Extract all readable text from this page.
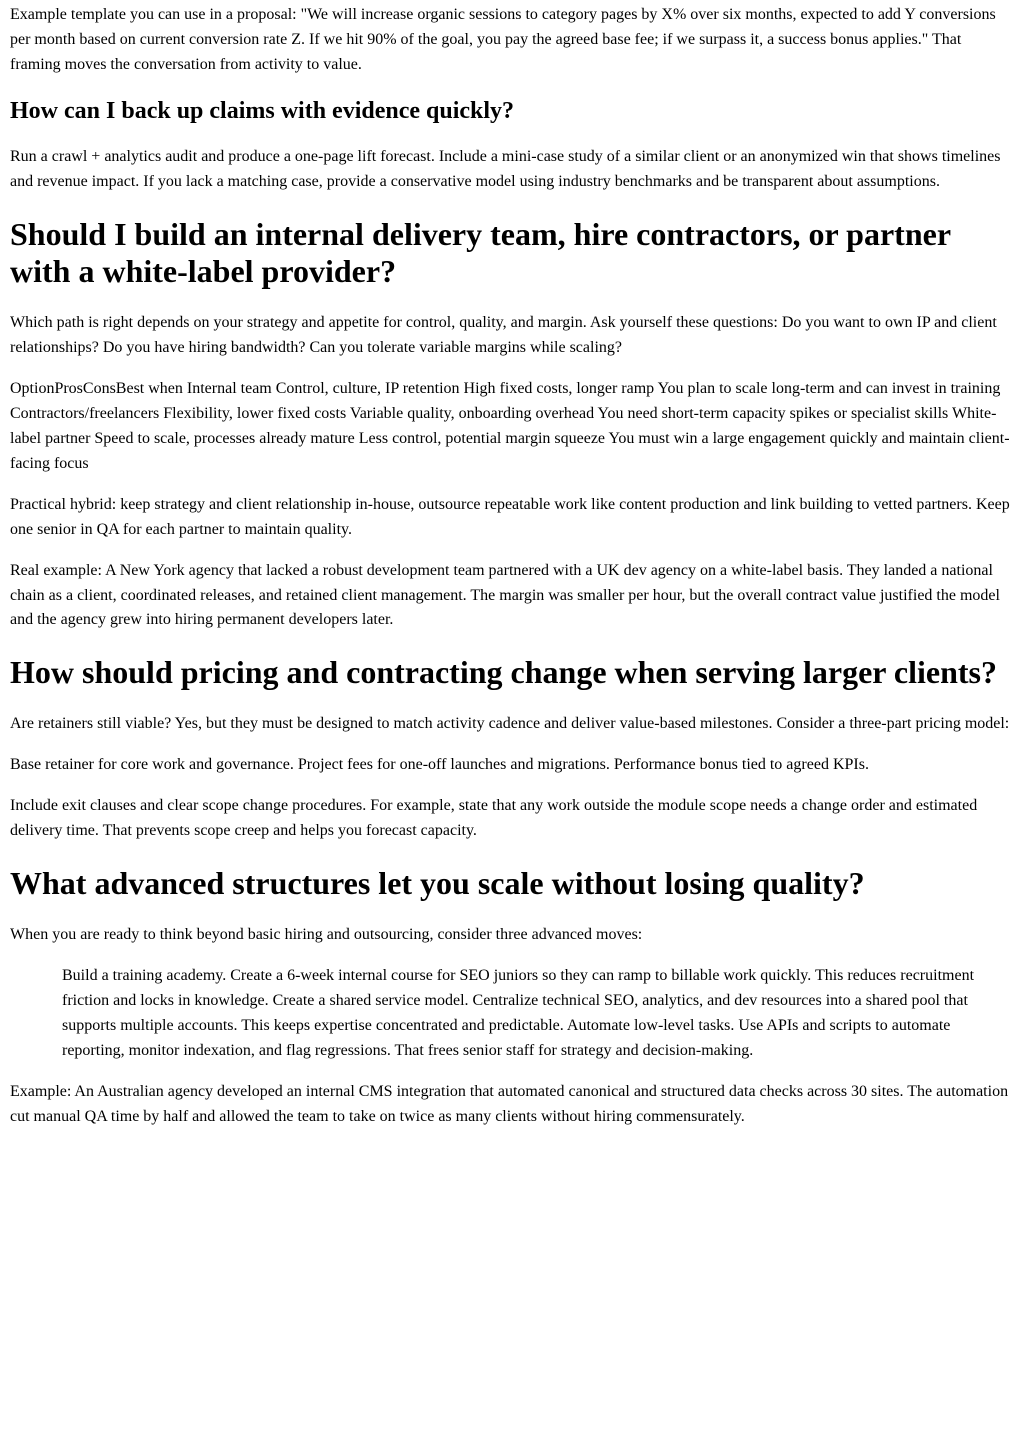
Example template you can use in a proposal: "We will increase organic sessions to category pages by X% over six months, expected to add Y conversions per month based on current conversion rate Z. If we hit 90% of the goal, you pay the agreed base fee; if we surpass it, a success bonus applies." That framing moves the conversation from activity to value.

How can I back up claims with evidence quickly?

Run a crawl + analytics audit and produce a one-page lift forecast. Include a mini-case study of a similar client or an anonymized win that shows timelines and revenue impact. If you lack a matching case, provide a conservative model using industry benchmarks and be transparent about assumptions.

Should I build an internal delivery team, hire contractors, or partner with a white-label provider?

Which path is right depends on your strategy and appetite for control, quality, and margin. Ask yourself these questions: Do you want to own IP and client relationships? Do you have hiring bandwidth? Can you tolerate variable margins while scaling?

OptionProsConsBest when Internal team Control, culture, IP retention High fixed costs, longer ramp You plan to scale long-term and can invest in training Contractors/freelancers Flexibility, lower fixed costs Variable quality, onboarding overhead You need short-term capacity spikes or specialist skills White-label partner Speed to scale, processes already mature Less control, potential margin squeeze You must win a large engagement quickly and maintain client-facing focus

Practical hybrid: keep strategy and client relationship in-house, outsource repeatable work like content production and link building to vetted partners. Keep one senior in QA for each partner to maintain quality.

Real example: A New York agency that lacked a robust development team partnered with a UK dev agency on a white-label basis. They landed a national chain as a client, coordinated releases, and retained client management. The margin was smaller per hour, but the overall contract value justified the model and the agency grew into hiring permanent developers later.

How should pricing and contracting change when serving larger clients?

Are retainers still viable? Yes, but they must be designed to match activity cadence and deliver value-based milestones. Consider a three-part pricing model:

Base retainer for core work and governance. Project fees for one-off launches and migrations. Performance bonus tied to agreed KPIs.

Include exit clauses and clear scope change procedures. For example, state that any work outside the module scope needs a change order and estimated delivery time. That prevents scope creep and helps you forecast capacity.

What advanced structures let you scale without losing quality?

When you are ready to think beyond basic hiring and outsourcing, consider three advanced moves:

Build a training academy. Create a 6-week internal course for SEO juniors so they can ramp to billable work quickly. This reduces recruitment friction and locks in knowledge. Create a shared service model. Centralize technical SEO, analytics, and dev resources into a shared pool that supports multiple accounts. This keeps expertise concentrated and predictable. Automate low-level tasks. Use APIs and scripts to automate reporting, monitor indexation, and flag regressions. That frees senior staff for strategy and decision-making.

Example: An Australian agency developed an internal CMS integration that automated canonical and structured data checks across 30 sites. The automation cut manual QA time by half and allowed the team to take on twice as many clients without hiring commensurately.
